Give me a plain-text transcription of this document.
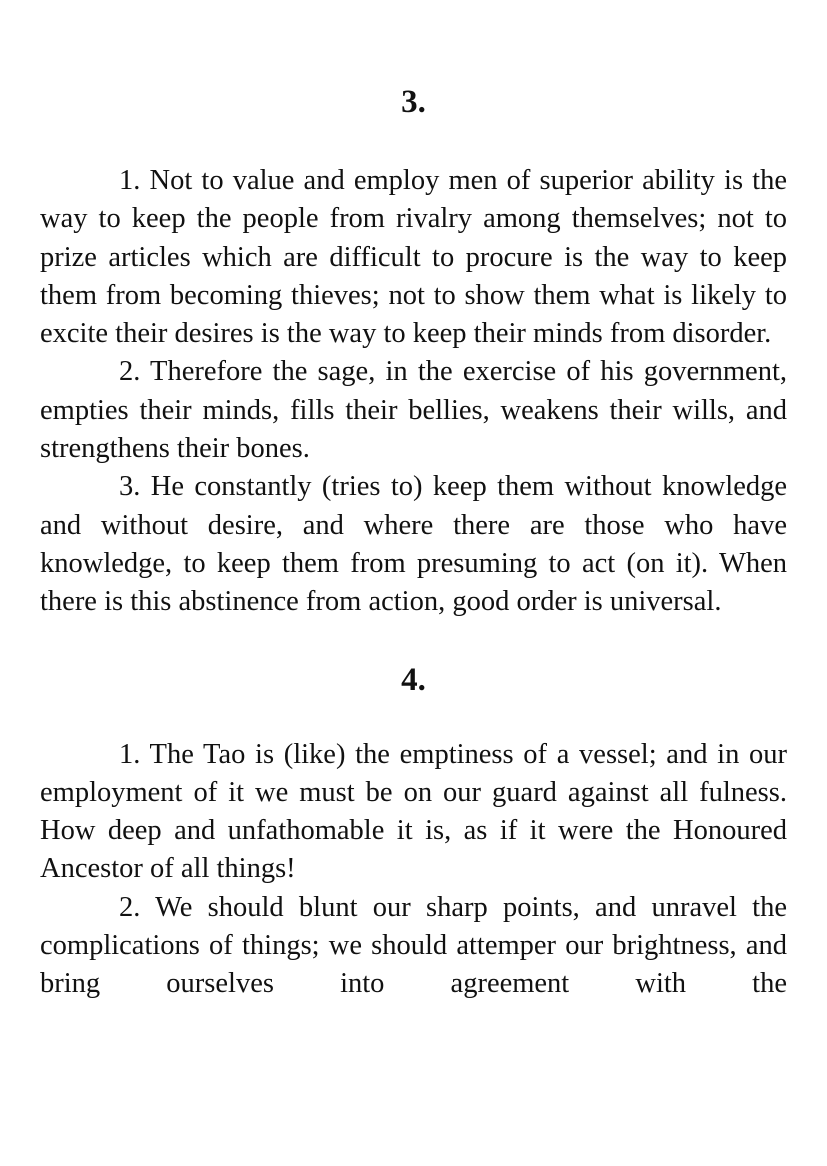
3.

1. Not to value and employ men of superior ability is the way to keep the people from rivalry among themselves; not to prize articles which are difficult to procure is the way to keep them from becoming thieves; not to show them what is likely to excite their desires is the way to keep their minds from disorder.

2. Therefore the sage, in the exercise of his government, empties their minds, fills their bellies, weakens their wills, and strengthens their bones.

3. He constantly (tries to) keep them without knowledge and without desire, and where there are those who have knowledge, to keep them from presuming to act (on it). When there is this abstinence from action, good order is universal.

4.

1. The Tao is (like) the emptiness of a vessel; and in our employment of it we must be on our guard against all fulness. How deep and unfathomable it is, as if it were the Honoured Ancestor of all things!

2. We should blunt our sharp points, and unravel the complications of things; we should attemper our brightness, and bring ourselves into agreement with the
